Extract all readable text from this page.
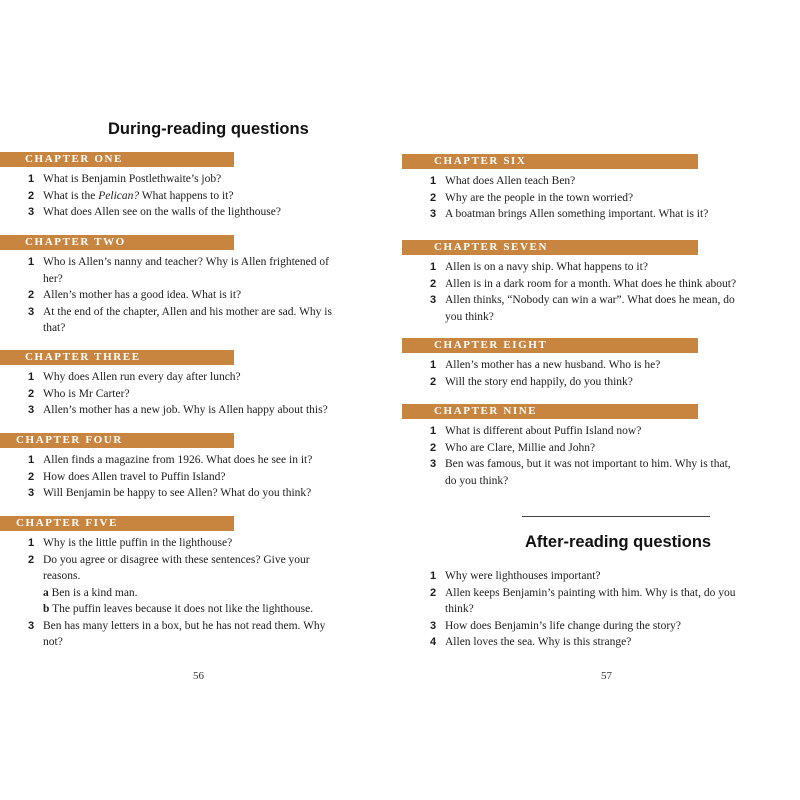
During-reading questions
CHAPTER ONE
1 What is Benjamin Postlethwaite’s job?
2 What is the Pelican? What happens to it?
3 What does Allen see on the walls of the lighthouse?
CHAPTER TWO
1 Who is Allen’s nanny and teacher? Why is Allen frightened of her?
2 Allen’s mother has a good idea. What is it?
3 At the end of the chapter, Allen and his mother are sad. Why is that?
CHAPTER THREE
1 Why does Allen run every day after lunch?
2 Who is Mr Carter?
3 Allen’s mother has a new job. Why is Allen happy about this?
CHAPTER FOUR
1 Allen finds a magazine from 1926. What does he see in it?
2 How does Allen travel to Puffin Island?
3 Will Benjamin be happy to see Allen? What do you think?
CHAPTER FIVE
1 Why is the little puffin in the lighthouse?
2 Do you agree or disagree with these sentences? Give your reasons.
a Ben is a kind man.
b The puffin leaves because it does not like the lighthouse.
3 Ben has many letters in a box, but he has not read them. Why not?
56
CHAPTER SIX
1 What does Allen teach Ben?
2 Why are the people in the town worried?
3 A boatman brings Allen something important. What is it?
CHAPTER SEVEN
1 Allen is on a navy ship. What happens to it?
2 Allen is in a dark room for a month. What does he think about?
3 Allen thinks, “Nobody can win a war”. What does he mean, do you think?
CHAPTER EIGHT
1 Allen’s mother has a new husband. Who is he?
2 Will the story end happily, do you think?
CHAPTER NINE
1 What is different about Puffin Island now?
2 Who are Clare, Millie and John?
3 Ben was famous, but it was not important to him. Why is that, do you think?
After-reading questions
1 Why were lighthouses important?
2 Allen keeps Benjamin’s painting with him. Why is that, do you think?
3 How does Benjamin’s life change during the story?
4 Allen loves the sea. Why is this strange?
57
